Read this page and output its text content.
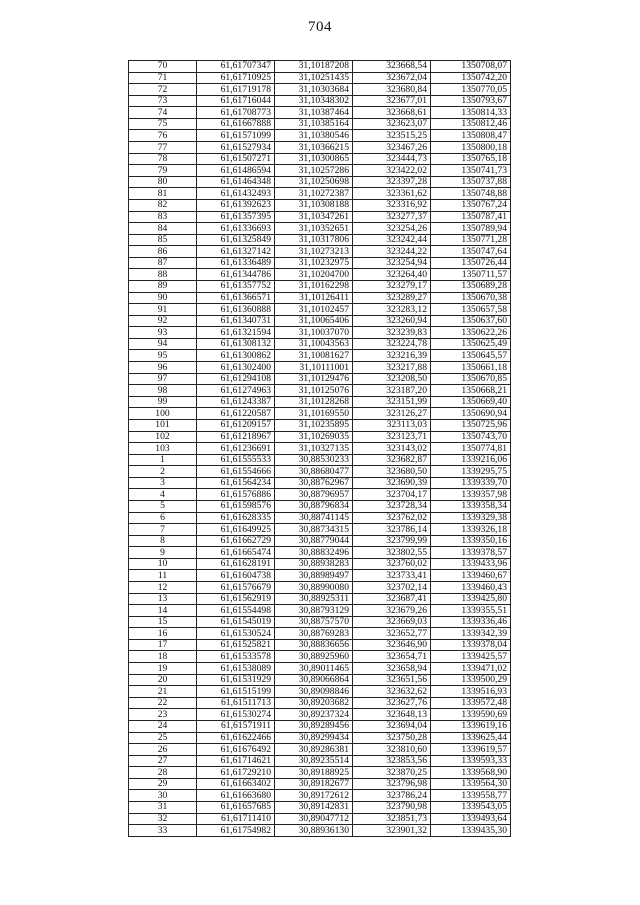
704
70	61,61707347	31,10187208	323668,54	1350708,07
71	61,61710925	31,10251435	323672,04	1350742,20
72	61,61719178	31,10303684	323680,84	1350770,05
73	61,61716044	31,10348302	323677,01	1350793,67
74	61,61708773	31,10387464	323668,61	1350814,33
75	61,61667888	31,10385164	323623,07	1350812,46
76	61,61571099	31,10380546	323515,25	1350808,47
77	61,61527934	31,10366215	323467,26	1350800,18
78	61,61507271	31,10300865	323444,73	1350765,18
79	61,61486594	31,10257286	323422,02	1350741,73
80	61,61464348	31,10250698	323397,28	1350737,88
81	61,61432493	31,10272387	323361,62	1350748,88
82	61,61392623	31,10308188	323316,92	1350767,24
83	61,61357395	31,10347261	323277,37	1350787,41
84	61,61336693	31,10352651	323254,26	1350789,94
85	61,61325849	31,10317806	323242,44	1350771,28
86	61,61327142	31,10273213	323244,22	1350747,64
87	61,61336489	31,10232975	323254,94	1350726,44
88	61,61344786	31,10204700	323264,40	1350711,57
89	61,61357752	31,10162298	323279,17	1350689,28
90	61,61366571	31,10126411	323289,27	1350670,38
91	61,61360888	31,10102457	323283,12	1350657,58
92	61,61340731	31,10065406	323260,94	1350637,60
93	61,61321594	31,10037070	323239,83	1350622,26
94	61,61308132	31,10043563	323224,78	1350625,49
95	61,61300862	31,10081627	323216,39	1350645,57
96	61,61302400	31,10111001	323217,88	1350661,18
97	61,61294108	31,10129476	323208,50	1350670,85
98	61,61274963	31,10125076	323187,20	1350668,21
99	61,61243387	31,10128268	323151,99	1350669,40
100	61,61220587	31,10169550	323126,27	1350690,94
101	61,61209157	31,10235895	323113,03	1350725,96
102	61,61218967	31,10269035	323123,71	1350743,70
103	61,61236691	31,10327135	323143,02	1350774,81
1	61,61555533	30,88530233	323682,87	1339216,06
2	61,61554666	30,88680477	323680,50	1339295,75
3	61,61564234	30,88762967	323690,39	1339339,70
4	61,61576886	30,88796957	323704,17	1339357,98
5	61,61598576	30,88796834	323728,34	1339358,34
6	61,61628335	30,88741145	323762,02	1339329,38
7	61,61649925	30,88734315	323786,14	1339326,18
8	61,61662729	30,88779044	323799,99	1339350,16
9	61,61665474	30,88832496	323802,55	1339378,57
10	61,61628191	30,88938283	323760,02	1339433,96
11	61,61604738	30,88989497	323733,41	1339460,67
12	61,61576679	30,88990080	323702,14	1339460,43
13	61,61562919	30,88925311	323687,41	1339425,80
14	61,61554498	30,88793129	323679,26	1339355,51
15	61,61545019	30,88757570	323669,03	1339336,46
16	61,61530524	30,88769283	323652,77	1339342,39
17	61,61525821	30,88836656	323646,90	1339378,04
18	61,61533578	30,88925960	323654,71	1339425,57
19	61,61538089	30,89011465	323658,94	1339471,02
20	61,61531929	30,89066864	323651,56	1339500,29
21	61,61515199	30,89098846	323632,62	1339516,93
22	61,61511713	30,89203682	323627,76	1339572,48
23	61,61530274	30,89237324	323648,13	1339590,69
24	61,61571911	30,89289456	323694,04	1339619,16
25	61,61622466	30,89299434	323750,28	1339625,44
26	61,61676492	30,89286381	323810,60	1339619,57
27	61,61714621	30,89235514	323853,56	1339593,33
28	61,61729210	30,89188925	323870,25	1339568,90
29	61,61663402	30,89182677	323796,98	1339564,30
30	61,61663680	30,89172612	323786,24	1339558,77
31	61,61657685	30,89142831	323790,98	1339543,05
32	61,61711410	30,89047712	323851,73	1339493,64
33	61,61754982	30,88936130	323901,32	1339435,30
